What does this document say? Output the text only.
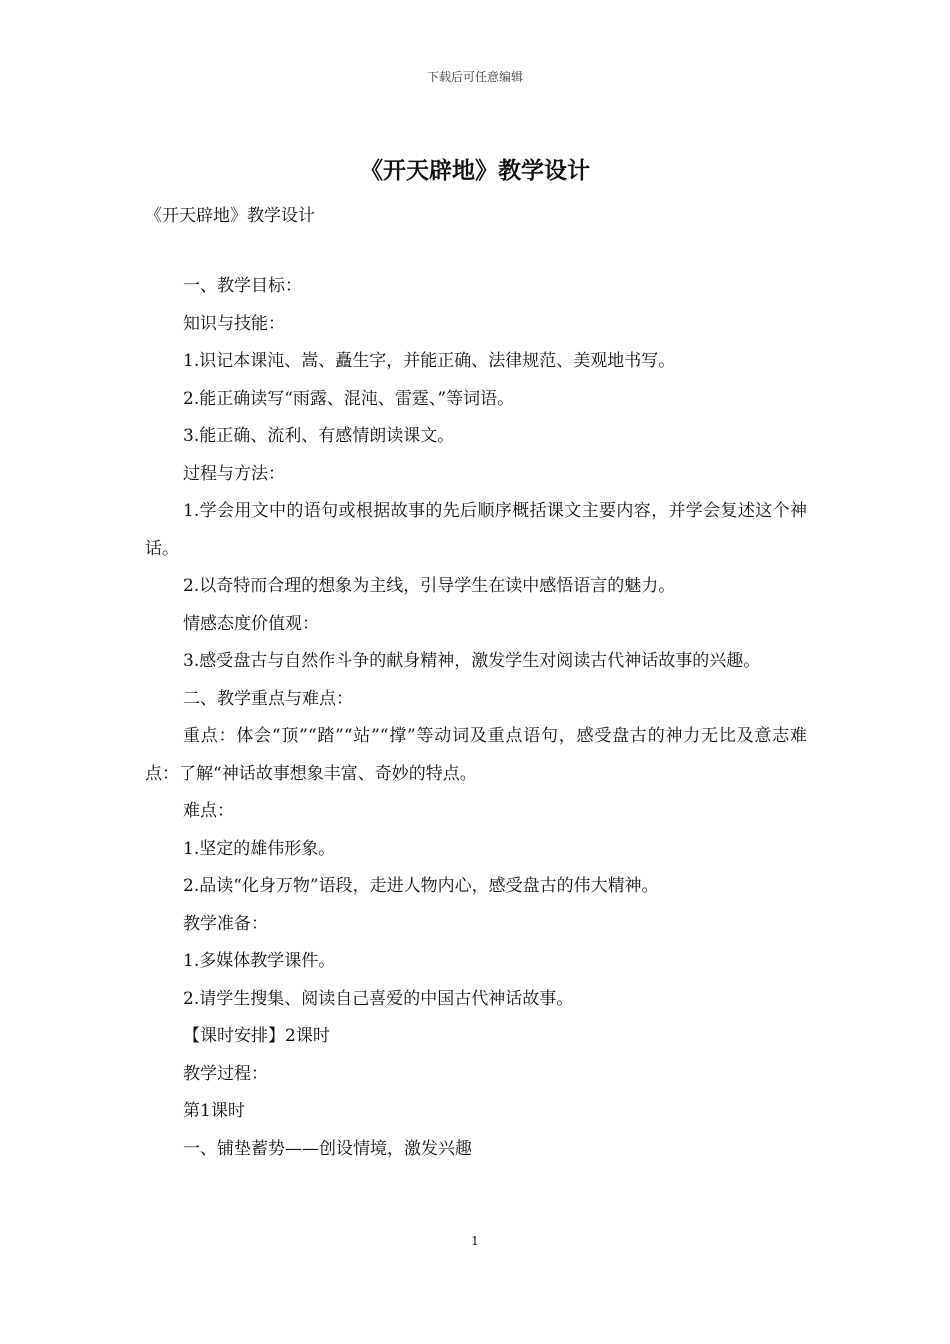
下载后可任意编辑
《开天辟地》教学设计
《开天辟地》教学设计

一、教学目标：

知识与技能：

1.识记本课沌、嵩、矗生字，并能正确、法律规范、美观地书写。

2.能正确读写“雨露、混沌、雷霆、”等词语。

3.能正确、流利、有感情朗读课文。

过程与方法：

1.学会用文中的语句或根据故事的先后顺序概括课文主要内容，并学会复述这个神话。

2.以奇特而合理的想象为主线，引导学生在读中感悟语言的魅力。

情感态度价值观：

3.感受盘古与自然作斗争的献身精神，激发学生对阅读古代神话故事的兴趣。

二、教学重点与难点：

重点：体会“顶”“踏”“站”“撑”等动词及重点语句，感受盘古的神力无比及意志难点：了解“神话故事想象丰富、奇妙的特点。

难点：

1.坚定的雄伟形象。

2.品读“化身万物”语段，走进人物内心，感受盘古的伟大精神。

教学准备：

1.多媒体教学课件。

2.请学生搜集、阅读自己喜爱的中国古代神话故事。

【课时安排】2课时

教学过程：

第1课时

一、铺垫蓄势——创设情境，激发兴趣

1
